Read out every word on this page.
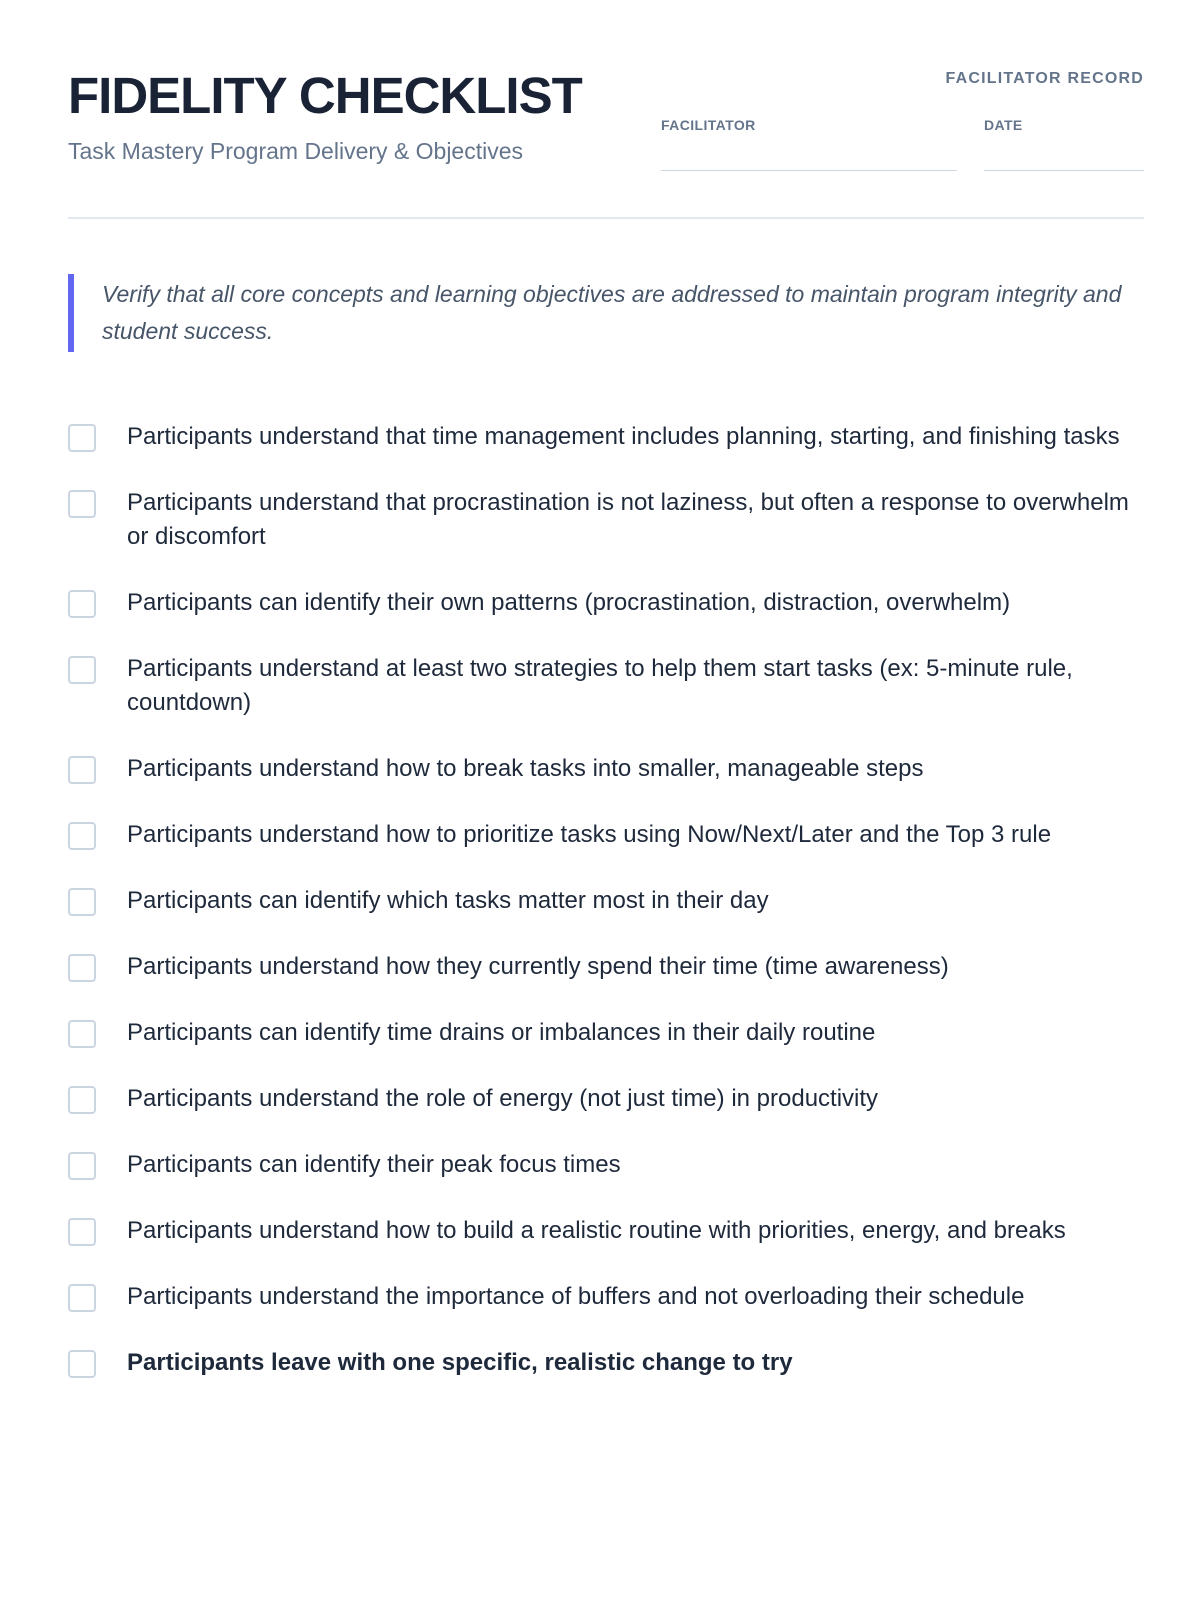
FIDELITY CHECKLIST
Task Mastery Program Delivery & Objectives
FACILITATOR RECORD
FACILITATOR	DATE
Verify that all core concepts and learning objectives are addressed to maintain program integrity and student success.
Participants understand that time management includes planning, starting, and finishing tasks
Participants understand that procrastination is not laziness, but often a response to overwhelm or discomfort
Participants can identify their own patterns (procrastination, distraction, overwhelm)
Participants understand at least two strategies to help them start tasks (ex: 5-minute rule, countdown)
Participants understand how to break tasks into smaller, manageable steps
Participants understand how to prioritize tasks using Now/Next/Later and the Top 3 rule
Participants can identify which tasks matter most in their day
Participants understand how they currently spend their time (time awareness)
Participants can identify time drains or imbalances in their daily routine
Participants understand the role of energy (not just time) in productivity
Participants can identify their peak focus times
Participants understand how to build a realistic routine with priorities, energy, and breaks
Participants understand the importance of buffers and not overloading their schedule
Participants leave with one specific, realistic change to try
